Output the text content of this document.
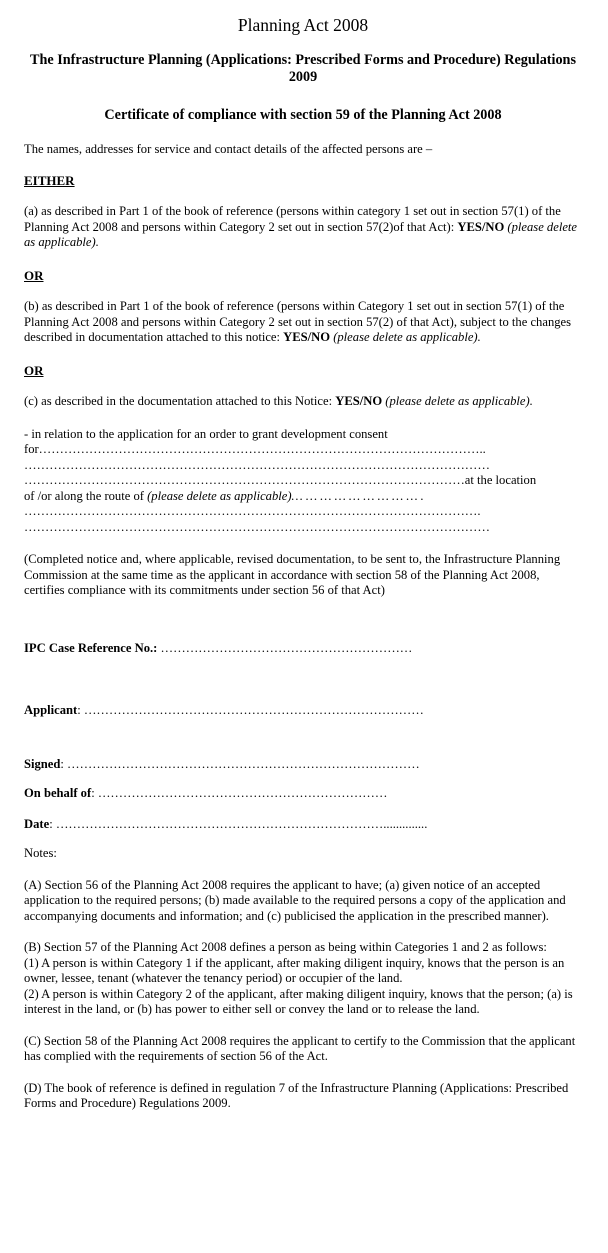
Planning Act 2008
The Infrastructure Planning (Applications: Prescribed Forms and Procedure) Regulations 2009
Certificate of compliance with section 59 of the Planning Act 2008

The names, addresses for service and contact details of the affected persons are –

EITHER

(a) as described in Part 1 of the book of reference (persons within category 1 set out in section 57(1) of the Planning Act 2008 and persons within Category 2 set out in section 57(2)of that Act): YES/NO (please delete as applicable).

OR

(b) as described in Part 1 of the book of reference (persons within Category 1 set out in section 57(1) of the Planning Act 2008 and persons within Category 2 set out in section 57(2) of that Act), subject to the changes described in documentation attached to this notice: YES/NO (please delete as applicable).

OR

(c) as described in the documentation attached to this Notice: YES/NO (please delete as applicable).

- in relation to the application for an order to grant development consent
for……………………………………………………………………………………………..
…………………………………………………………………………………………………
……………………………………………………………………………………………at the location
of /or along the route of (please delete as applicable)… … … … … … … … … .
……………………………………………………………………………………………….
…………………………………………………………………………………………………

(Completed notice and, where applicable, revised documentation, to be sent to, the Infrastructure Planning Commission at the same time as the applicant in accordance with section 58 of the Planning Act 2008, certifies compliance with its commitments under section 56 of that Act)

IPC Case Reference No.: ……………………………………………………

Applicant: ………………………………………………………………………

Signed: …………………………………………………………………………

On behalf of: ……………………………………………………………

Date: ……………………………………………………………………..............

Notes:

(A) Section 56 of the Planning Act 2008 requires the applicant to have; (a) given notice of an accepted application to the required persons; (b) made available to the required persons a copy of the application and accompanying documents and information; and (c) publicised the application in the prescribed manner).

(B) Section 57 of the Planning Act 2008 defines a person as being within Categories 1 and 2 as follows:

(1) A person is within Category 1 if the applicant, after making diligent inquiry, knows that the person is an owner, lessee, tenant (whatever the tenancy period) or occupier of the land.

(2) A person is within Category 2 of the applicant, after making diligent inquiry, knows that the person; (a) is interest in the land, or (b) has power to either sell or convey the land or to release the land.

(C) Section 58 of the Planning Act 2008 requires the applicant to certify to the Commission that the applicant has complied with the requirements of section 56 of the Act.

(D) The book of reference is defined in regulation 7 of the Infrastructure Planning (Applications: Prescribed Forms and Procedure) Regulations 2009.
